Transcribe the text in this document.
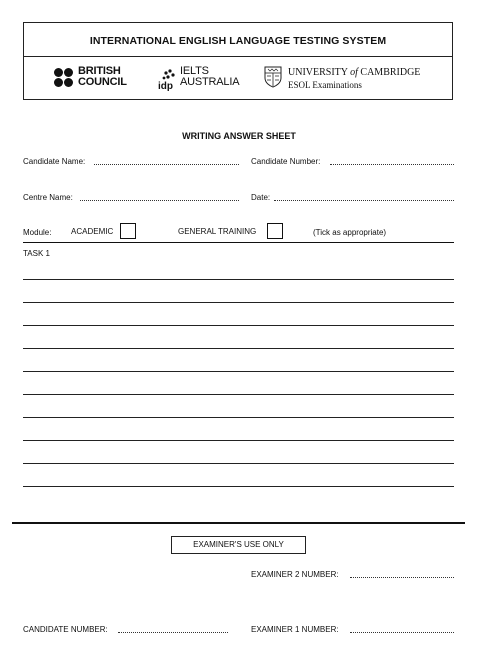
INTERNATIONAL ENGLISH LANGUAGE TESTING SYSTEM
BRITISH
COUNCIL	idp
IELTS
AUSTRALIA
UNIVERSITY of CAMBRIDGE
ESOL Examinations
WRITING ANSWER SHEET
Candidate Name:	Candidate Number:
Centre Name:	Date:
Module: ACADEMIC	GENERAL TRAINING	(Tick as appropriate)
TASK 1
EXAMINER'S USE ONLY
EXAMINER 2 NUMBER:
CANDIDATE NUMBER:	EXAMINER 1 NUMBER:
